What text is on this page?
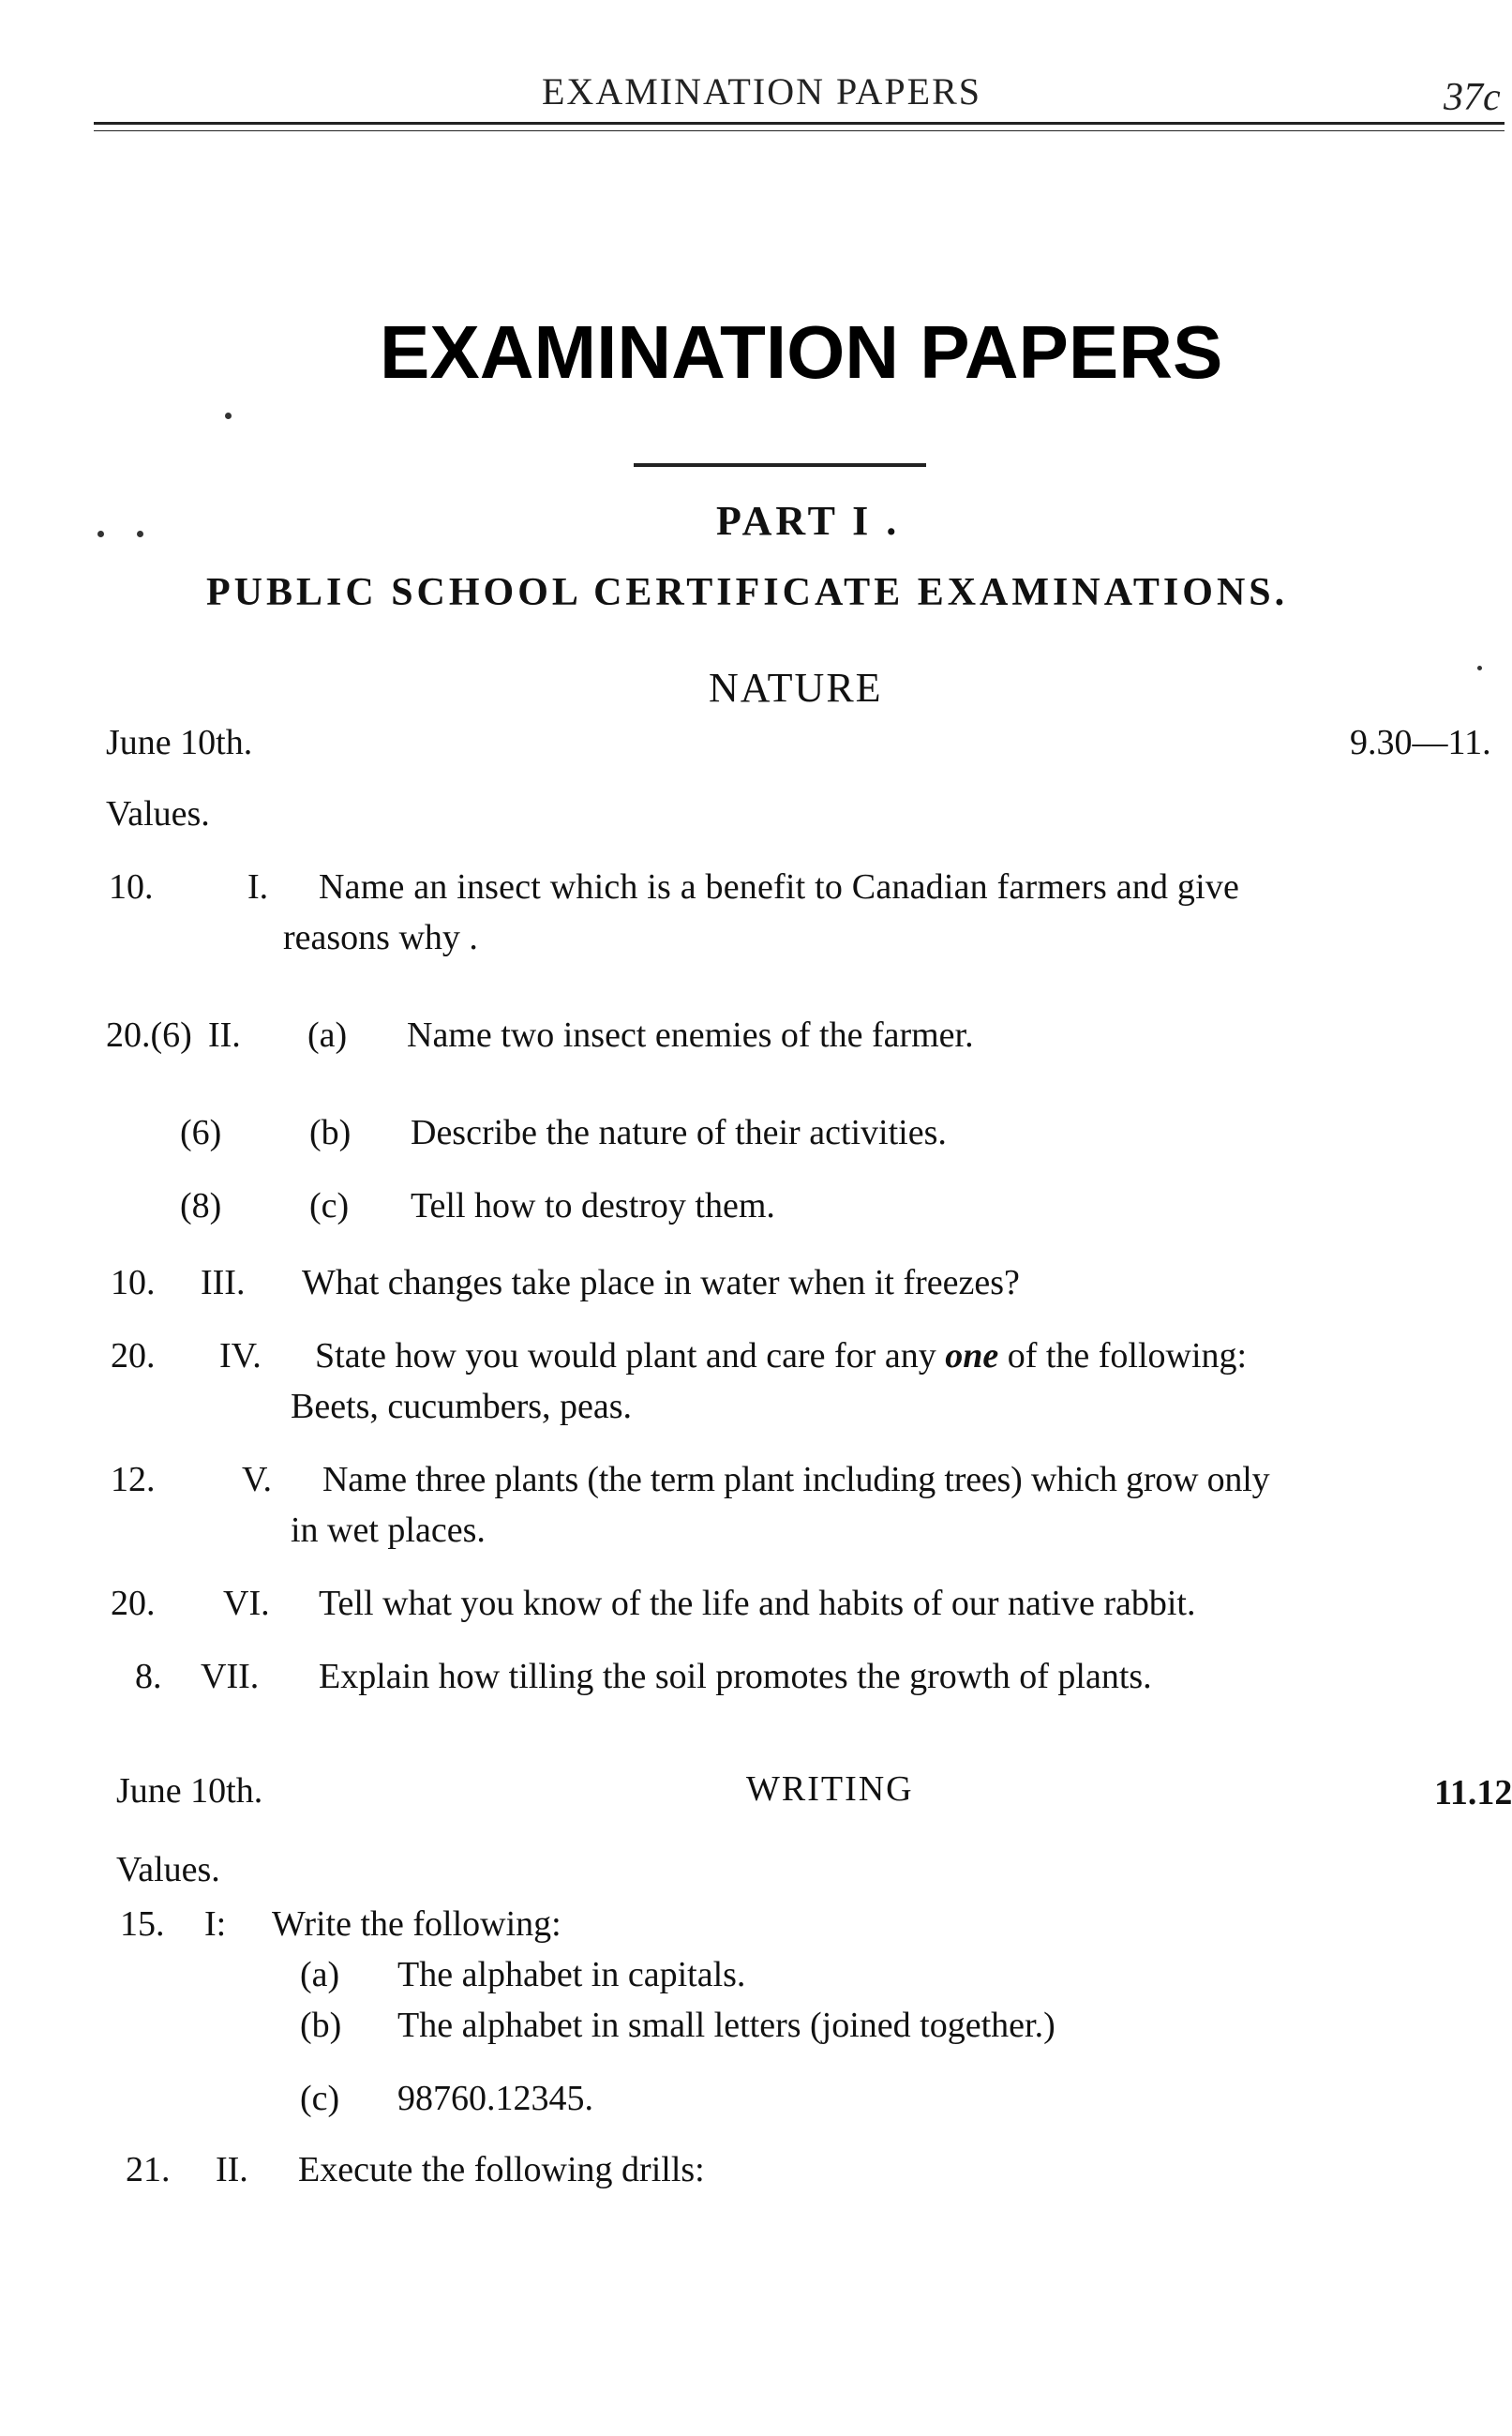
EXAMINATION PAPERS	37c
EXAMINATION PAPERS
PART I .
PUBLIC SCHOOL CERTIFICATE EXAMINATIONS.
NATURE
June 10th.	9.30—11.
Values.
10.	I. Name an insect which is a benefit to Canadian farmers and give
reasons why .
20.(6) II. (a) Name two insect enemies of the farmer.
(6) (b) Describe the nature of their activities.
(8) (c) Tell how to destroy them.
10. III. What changes take place in water when it freezes?
20. IV. State how you would plant and care for any one of the following:
Beets, cucumbers, peas.
12. V. Name three plants (the term plant including trees) which grow only
in wet places.
20. VI. Tell what you know of the life and habits of our native rabbit.
8. VII. Explain how tilling the soil promotes the growth of plants.
June 10th.	WRITING	11.12
Values.
15. I: Write the following:
(a) The alphabet in capitals.
(b) The alphabet in small letters (joined together.)
(c) 98760.12345.
21. II. Execute the following drills:
